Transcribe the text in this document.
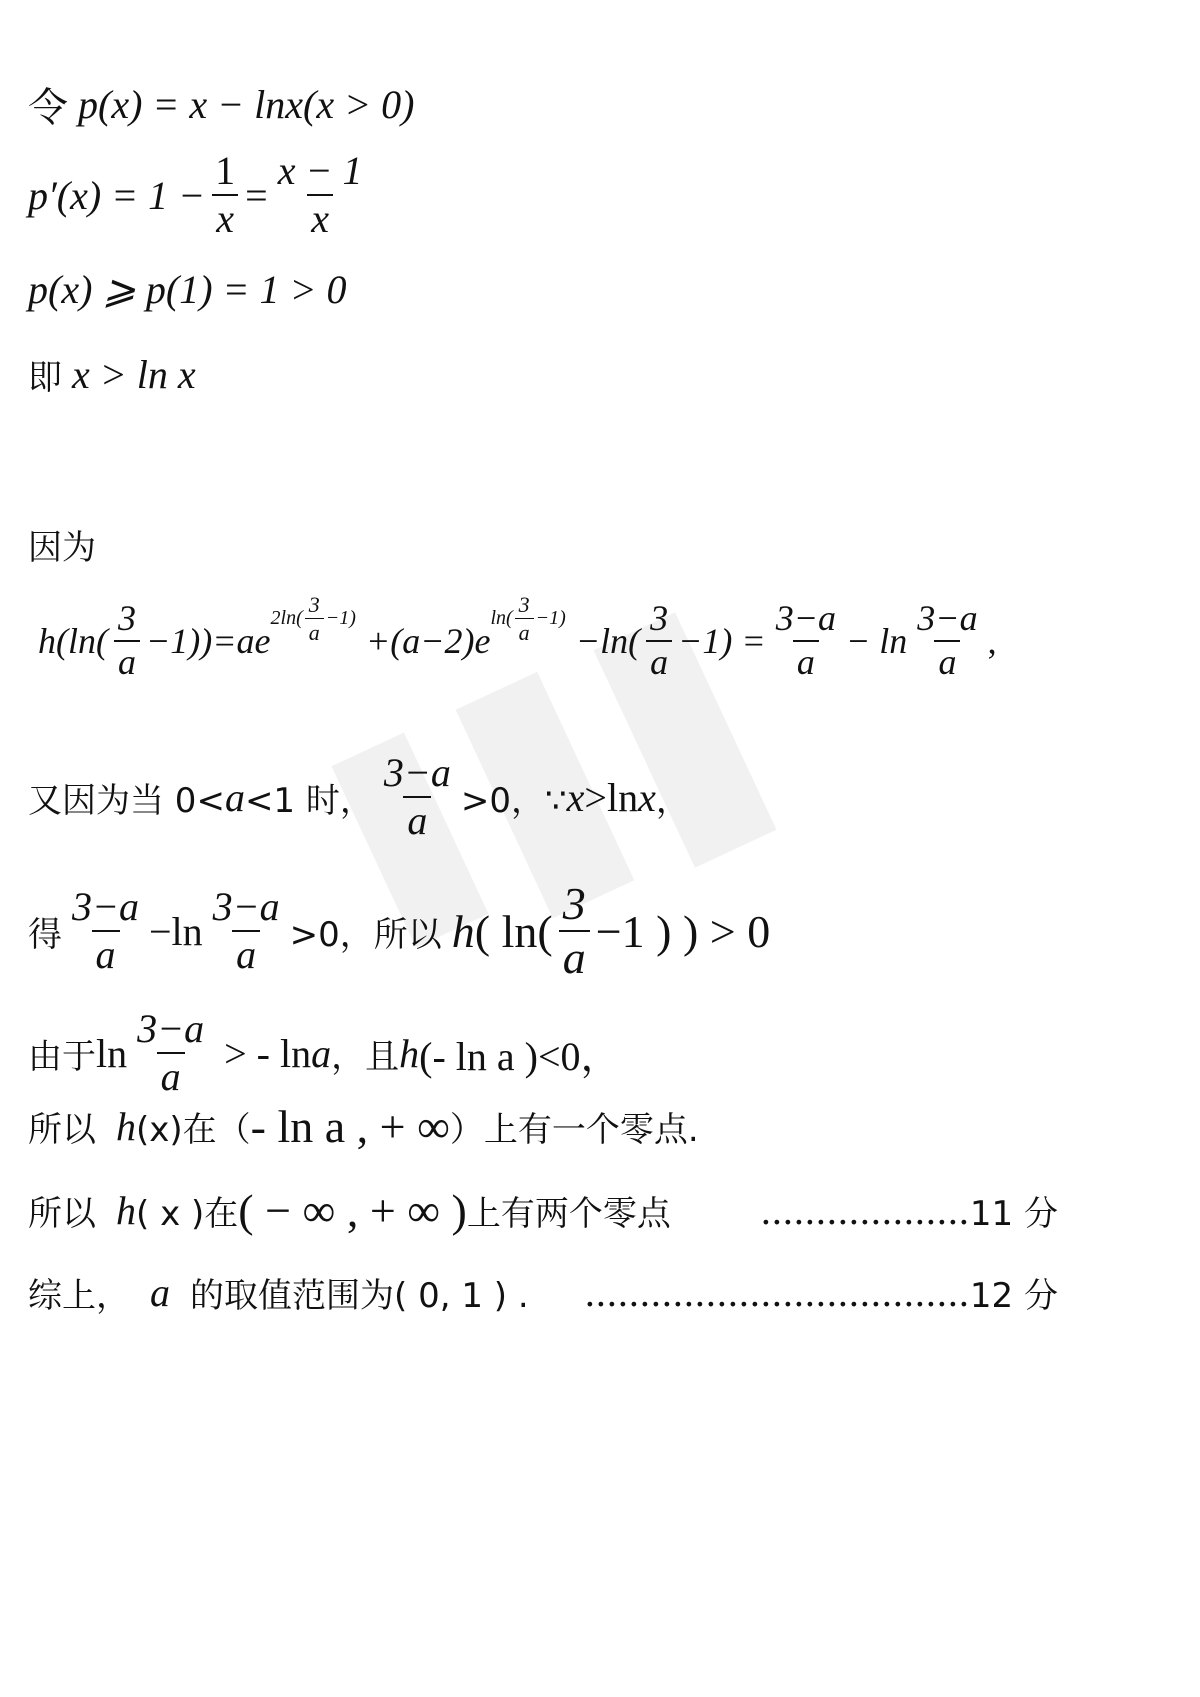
令 p(x) = x − lnx(x > 0)
$p'(x) = 1 - \frac{1}{x} = \frac{x - 1}{x}$
p(x) ⩾ p(1) = 1 > 0
即 x > ln x
因为
$h(\ln( \frac{3}{a} -1))=ae$
$^{2ln( \frac{3}{a} -1)}$
+(a−2)e
$^{ln( \frac{3}{a} -1)}$
$-\ln( \frac{3}{a} -1) = \frac{3-a}{a} - \ln \frac{3-a}{a}$ ,
又因为当 0< a <1 时， $\frac{3-a}{a} >0$，∵ x > ln x ，
得 $\frac{3-a}{a} -\ln \frac{3-a}{a} >0$，所以 h ( $\ln( \frac{3}{a} -1$ ) ) > 0
由于 $\ln \frac{3-a}{a}$ > - ln a ，且 h (- ln a )<0，
所以 h (x)在（ - ln a , + ∞ ）上有一个零点.
所以 h ( x )在 ( − ∞ , + ∞ ) 上有两个零点 ................... 11 分
综上， a 的取值范围为( 0, 1 ) . ................................... 12 分
